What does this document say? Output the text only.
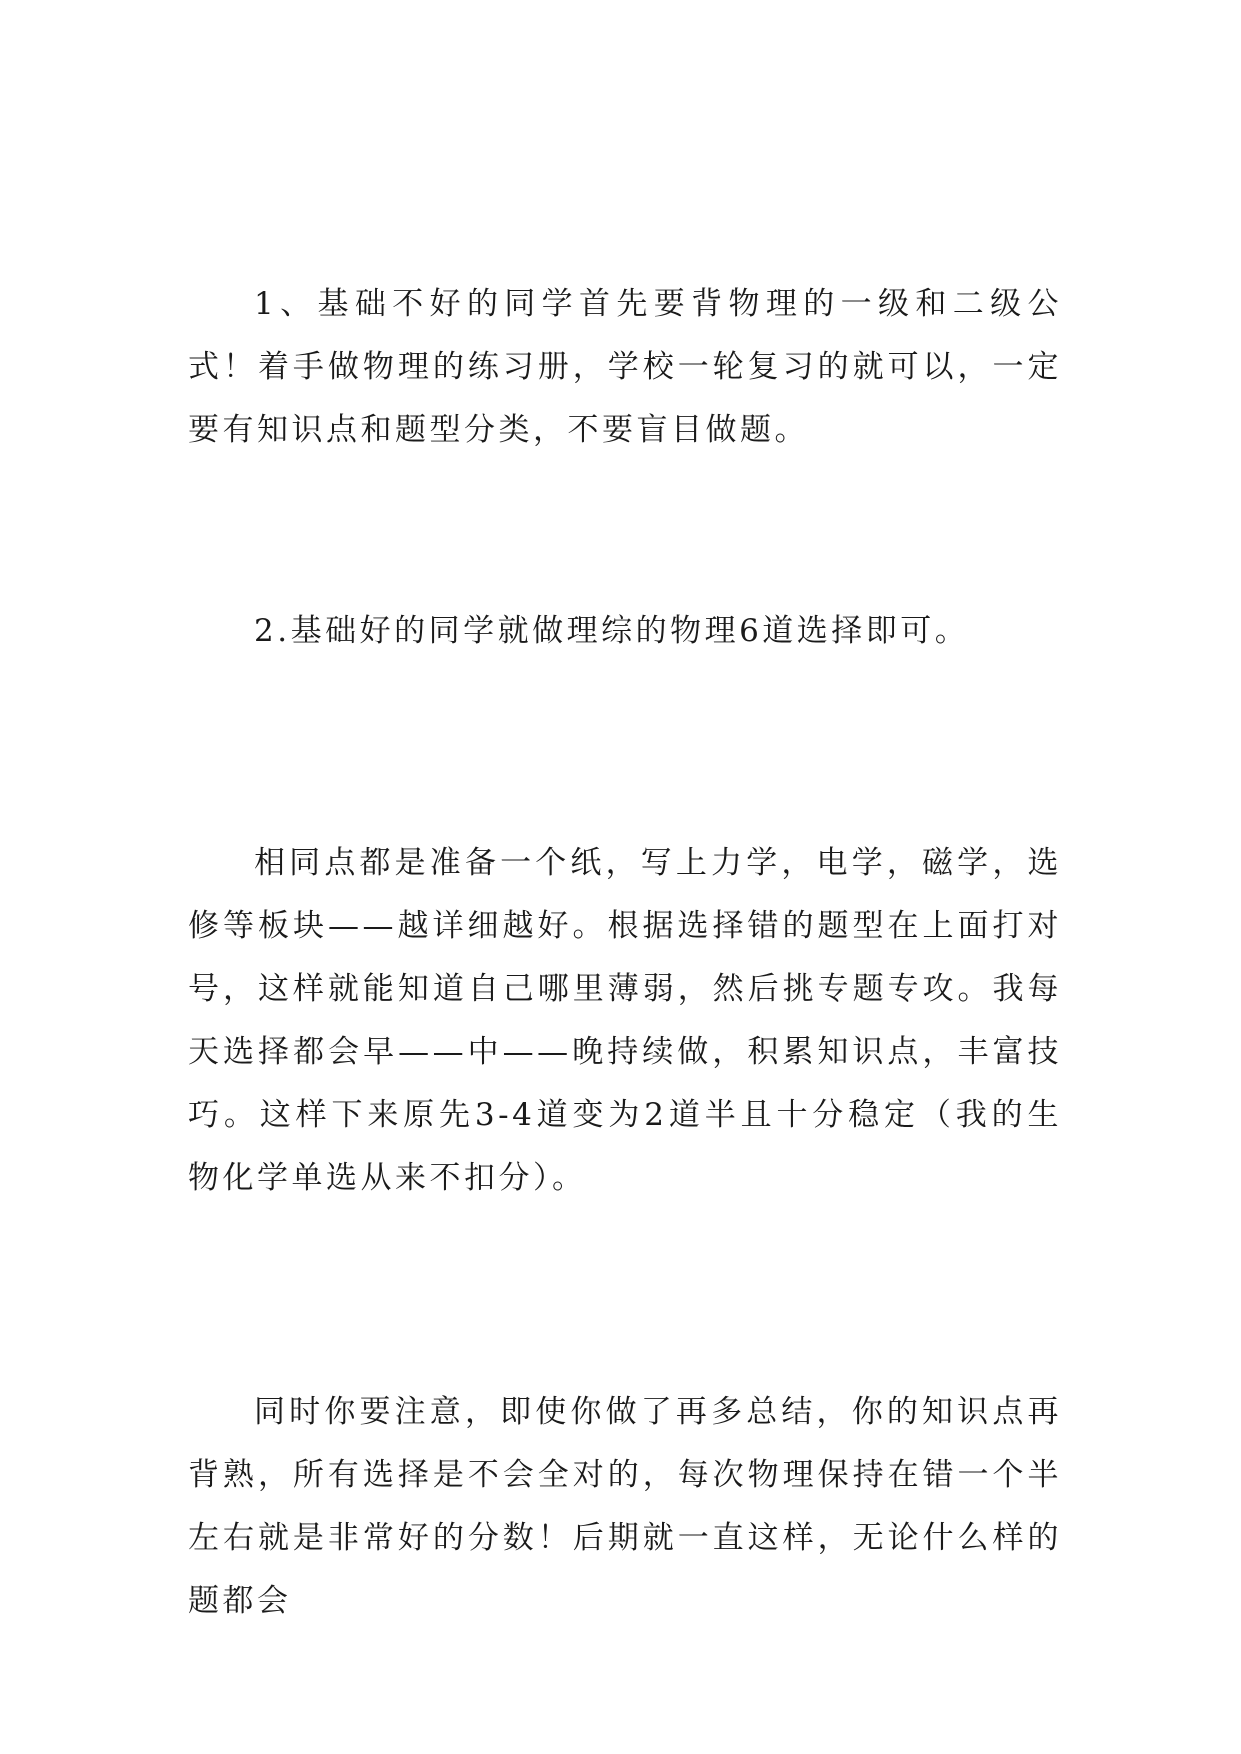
1、基础不好的同学首先要背物理的一级和二级公式！着手做物理的练习册，学校一轮复习的就可以，一定要有知识点和题型分类，不要盲目做题。

2.基础好的同学就做理综的物理6道选择即可。

相同点都是准备一个纸，写上力学，电学，磁学，选修等板块——越详细越好。根据选择错的题型在上面打对号，这样就能知道自己哪里薄弱，然后挑专题专攻。我每天选择都会早——中——晚持续做，积累知识点，丰富技巧。这样下来原先3-4道变为2道半且十分稳定（我的生物化学单选从来不扣分）。

同时你要注意，即使你做了再多总结，你的知识点再背熟，所有选择是不会全对的，每次物理保持在错一个半左右就是非常好的分数！后期就一直这样，无论什么样的题都会
